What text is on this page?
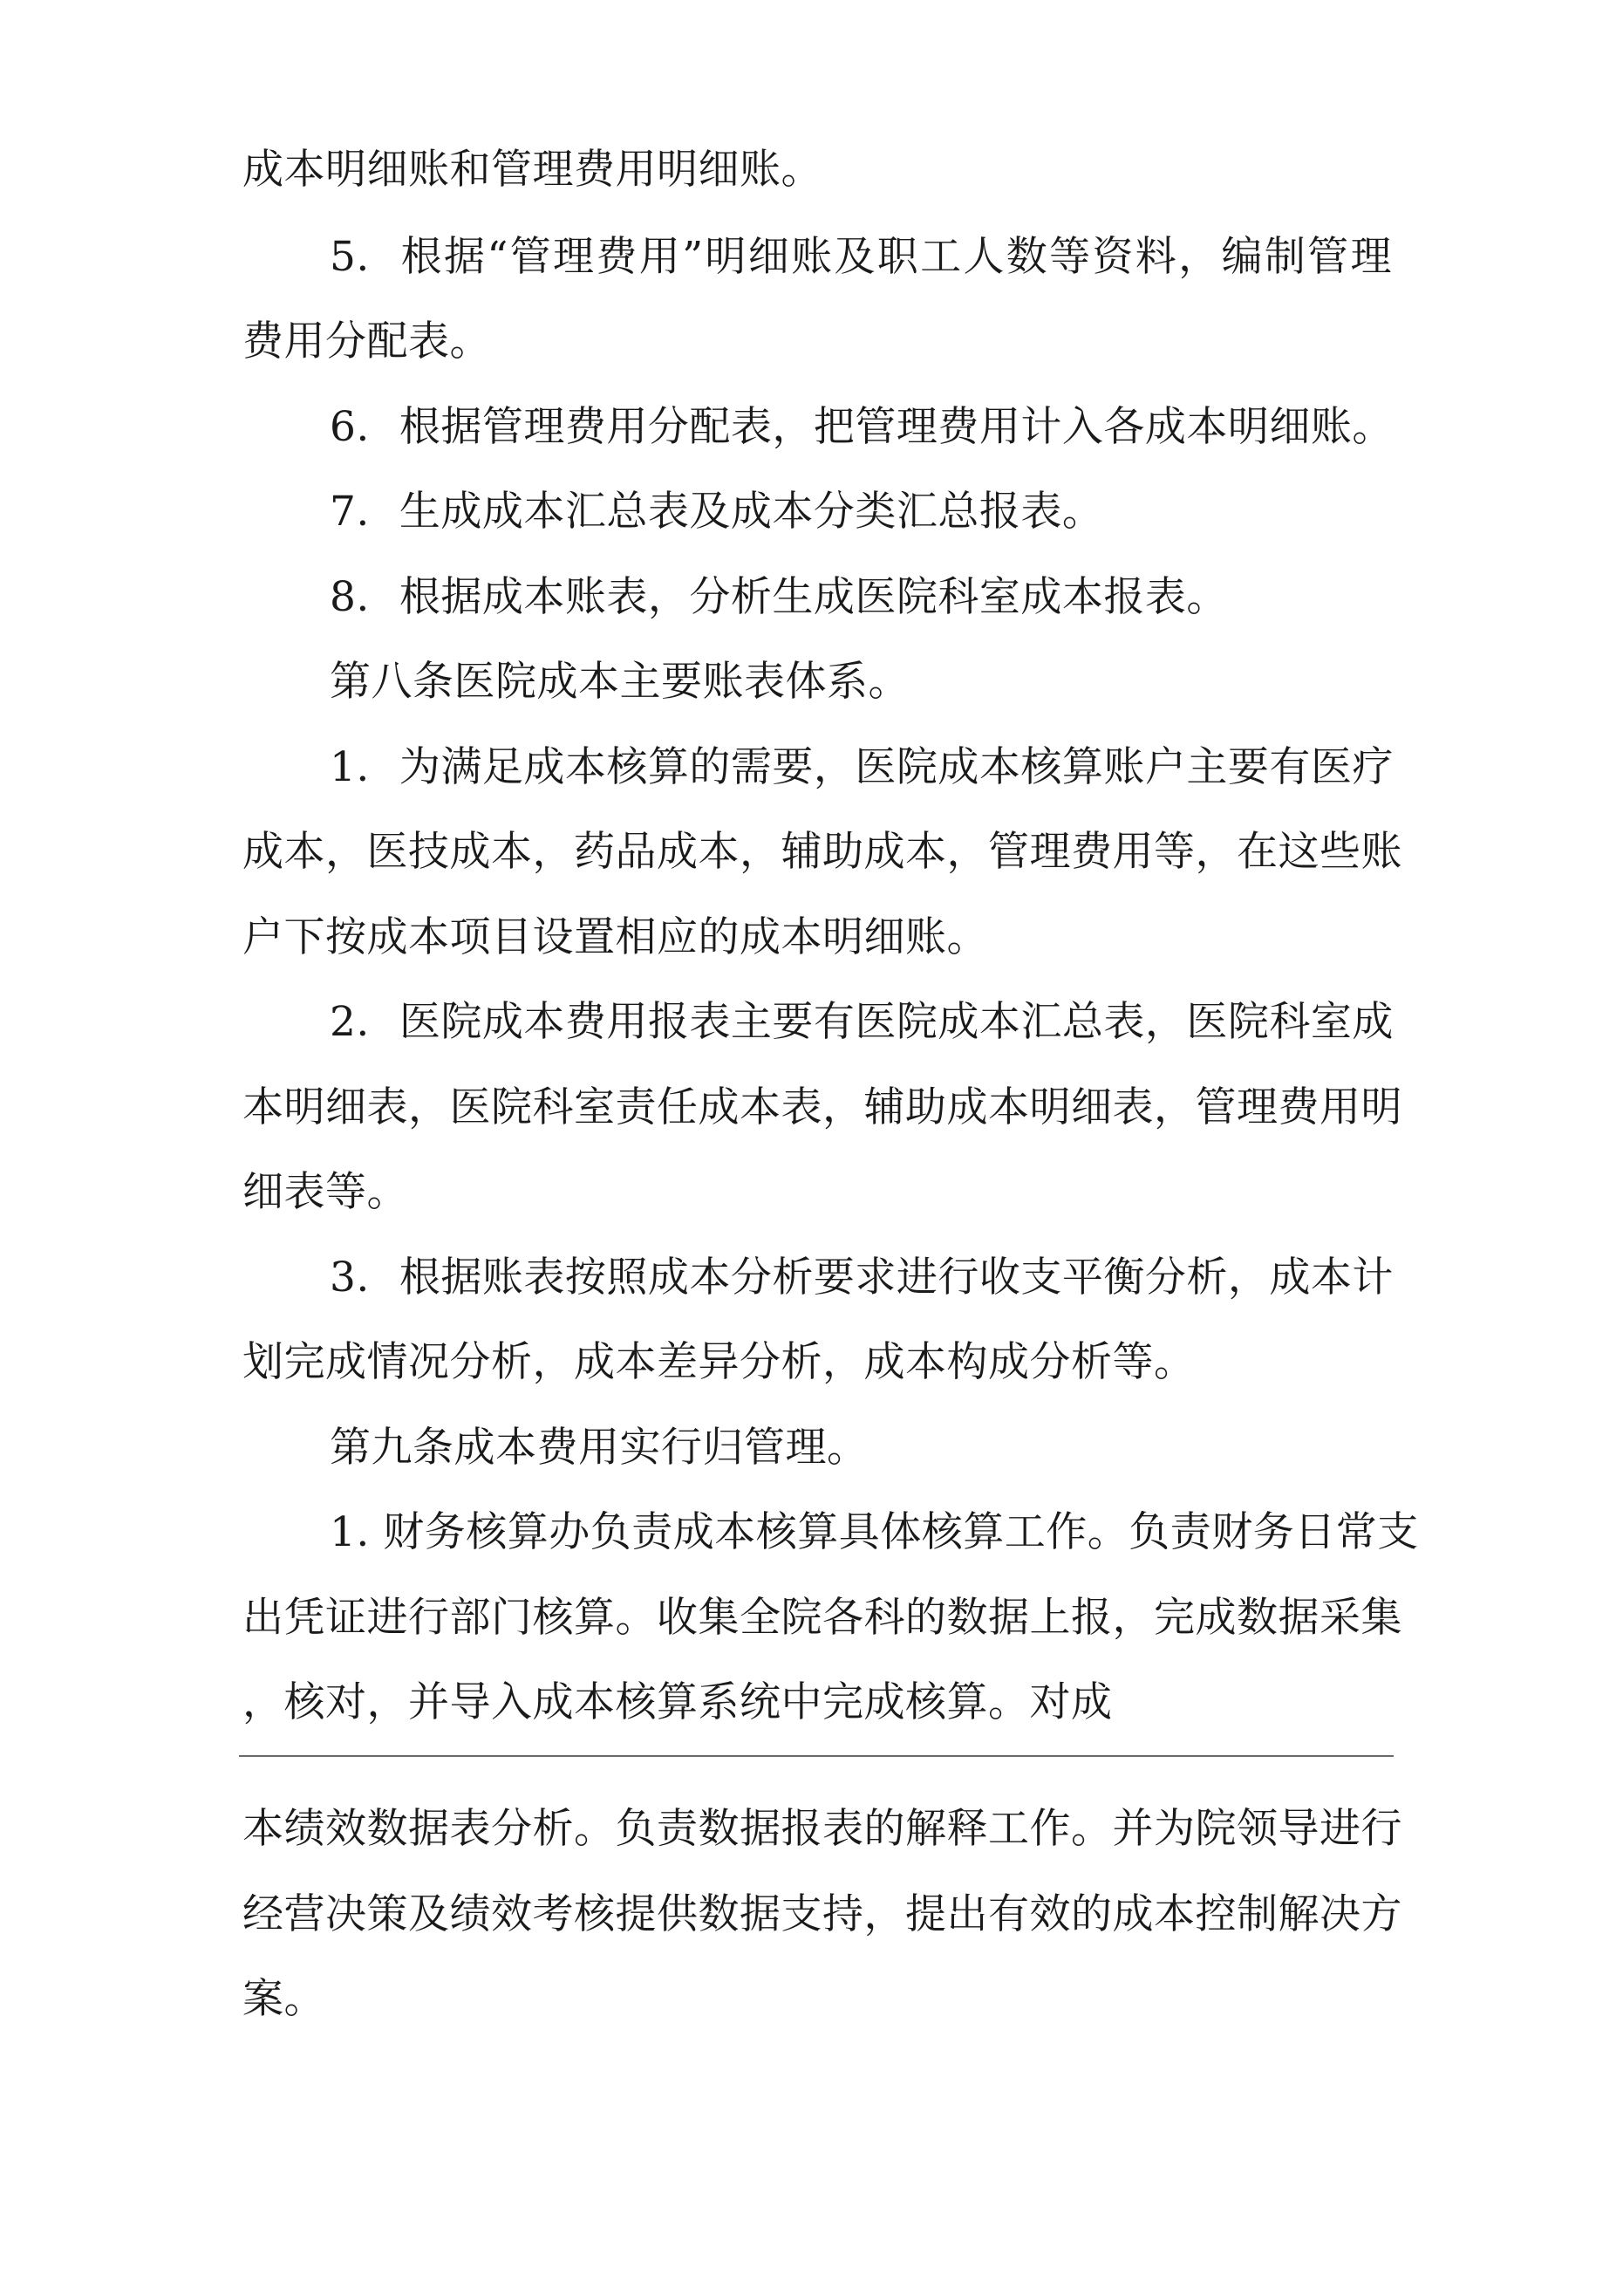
成本明细账和管理费用明细账。
5. 根据“管理费用”明细账及职工人数等资料，编制管理
费用分配表。
6. 根据管理费用分配表，把管理费用计入各成本明细账。
7. 生成成本汇总表及成本分类汇总报表。
8. 根据成本账表，分析生成医院科室成本报表。
第八条医院成本主要账表体系。
1. 为满足成本核算的需要，医院成本核算账户主要有医疗
成本，医技成本，药品成本，辅助成本，管理费用等，在这些账
户下按成本项目设置相应的成本明细账。
2. 医院成本费用报表主要有医院成本汇总表，医院科室成
本明细表，医院科室责任成本表，辅助成本明细表，管理费用明
细表等。
3. 根据账表按照成本分析要求进行收支平衡分析，成本计
划完成情况分析，成本差异分析，成本构成分析等。
第九条成本费用实行归管理。
1. 财务核算办负责成本核算具体核算工作。负责财务日常支
出凭证进行部门核算。收集全院各科的数据上报，完成数据采集
，核对，并导入成本核算系统中完成核算。对成
本绩效数据表分析。负责数据报表的解释工作。并为院领导进行
经营决策及绩效考核提供数据支持，提出有效的成本控制解决方
案。
